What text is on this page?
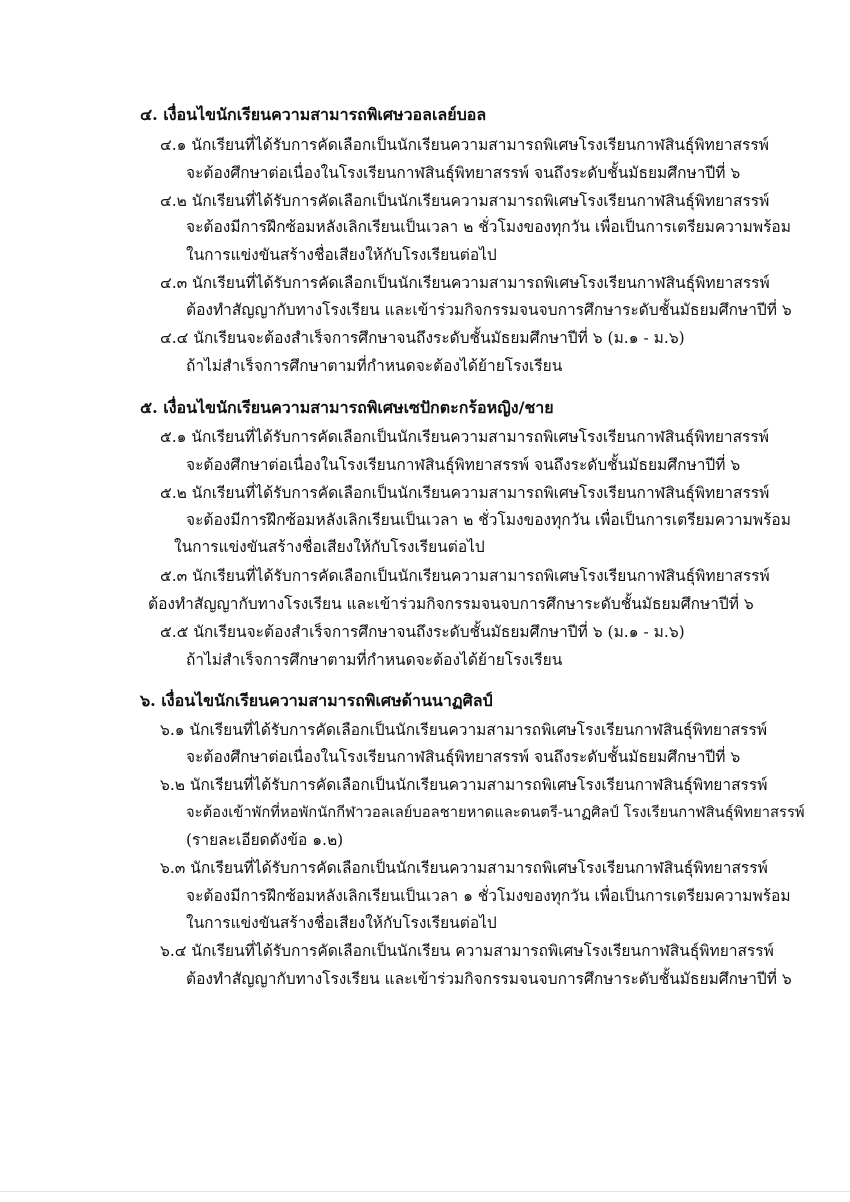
๔. เงื่อนไขนักเรียนความสามารถพิเศษวอลเลย์บอล
๔.๑ นักเรียนที่ได้รับการคัดเลือกเป็นนักเรียนความสามารถพิเศษโรงเรียนกาฬสินธุ์พิทยาสรรพ์
จะต้องศึกษาต่อเนื่องในโรงเรียนกาฬสินธุ์พิทยาสรรพ์ จนถึงระดับชั้นมัธยมศึกษาปีที่ ๖
๔.๒ นักเรียนที่ได้รับการคัดเลือกเป็นนักเรียนความสามารถพิเศษโรงเรียนกาฬสินธุ์พิทยาสรรพ์
จะต้องมีการฝึกซ้อมหลังเลิกเรียนเป็นเวลา ๒ ชั่วโมงของทุกวัน เพื่อเป็นการเตรียมความพร้อม
ในการแข่งขันสร้างชื่อเสียงให้กับโรงเรียนต่อไป
๔.๓ นักเรียนที่ได้รับการคัดเลือกเป็นนักเรียนความสามารถพิเศษโรงเรียนกาฬสินธุ์พิทยาสรรพ์
ต้องทำสัญญากับทางโรงเรียน และเข้าร่วมกิจกรรมจนจบการศึกษาระดับชั้นมัธยมศึกษาปีที่ ๖
๔.๔ นักเรียนจะต้องสำเร็จการศึกษาจนถึงระดับชั้นมัธยมศึกษาปีที่ ๖ (ม.๑ - ม.๖)
ถ้าไม่สำเร็จการศึกษาตามที่กำหนดจะต้องได้ย้ายโรงเรียน
๕. เงื่อนไขนักเรียนความสามารถพิเศษเซปักตะกร้อหญิง/ชาย
๕.๑ นักเรียนที่ได้รับการคัดเลือกเป็นนักเรียนความสามารถพิเศษโรงเรียนกาฬสินธุ์พิทยาสรรพ์
จะต้องศึกษาต่อเนื่องในโรงเรียนกาฬสินธุ์พิทยาสรรพ์ จนถึงระดับชั้นมัธยมศึกษาปีที่ ๖
๕.๒ นักเรียนที่ได้รับการคัดเลือกเป็นนักเรียนความสามารถพิเศษโรงเรียนกาฬสินธุ์พิทยาสรรพ์
จะต้องมีการฝึกซ้อมหลังเลิกเรียนเป็นเวลา ๒ ชั่วโมงของทุกวัน เพื่อเป็นการเตรียมความพร้อม
ในการแข่งขันสร้างชื่อเสียงให้กับโรงเรียนต่อไป
๕.๓ นักเรียนที่ได้รับการคัดเลือกเป็นนักเรียนความสามารถพิเศษโรงเรียนกาฬสินธุ์พิทยาสรรพ์
ต้องทำสัญญากับทางโรงเรียน และเข้าร่วมกิจกรรมจนจบการศึกษาระดับชั้นมัธยมศึกษาปีที่ ๖
๕.๕ นักเรียนจะต้องสำเร็จการศึกษาจนถึงระดับชั้นมัธยมศึกษาปีที่ ๖ (ม.๑ - ม.๖)
ถ้าไม่สำเร็จการศึกษาตามที่กำหนดจะต้องได้ย้ายโรงเรียน
๖. เงื่อนไขนักเรียนความสามารถพิเศษด้านนาฏศิลป์
๖.๑ นักเรียนที่ได้รับการคัดเลือกเป็นนักเรียนความสามารถพิเศษโรงเรียนกาฬสินธุ์พิทยาสรรพ์
จะต้องศึกษาต่อเนื่องในโรงเรียนกาฬสินธุ์พิทยาสรรพ์ จนถึงระดับชั้นมัธยมศึกษาปีที่ ๖
๖.๒ นักเรียนที่ได้รับการคัดเลือกเป็นนักเรียนความสามารถพิเศษโรงเรียนกาฬสินธุ์พิทยาสรรพ์
จะต้องเข้าพักที่หอพักนักกีฬาวอลเลย์บอลชายหาดและดนตรี-นาฏศิลป์ โรงเรียนกาฬสินธุ์พิทยาสรรพ์
(รายละเอียดดังข้อ ๑.๒)
๖.๓ นักเรียนที่ได้รับการคัดเลือกเป็นนักเรียนความสามารถพิเศษโรงเรียนกาฬสินธุ์พิทยาสรรพ์
จะต้องมีการฝึกซ้อมหลังเลิกเรียนเป็นเวลา ๑ ชั่วโมงของทุกวัน เพื่อเป็นการเตรียมความพร้อม
ในการแข่งขันสร้างชื่อเสียงให้กับโรงเรียนต่อไป
๖.๔ นักเรียนที่ได้รับการคัดเลือกเป็นนักเรียน ความสามารถพิเศษโรงเรียนกาฬสินธุ์พิทยาสรรพ์
ต้องทำสัญญากับทางโรงเรียน และเข้าร่วมกิจกรรมจนจบการศึกษาระดับชั้นมัธยมศึกษาปีที่ ๖
